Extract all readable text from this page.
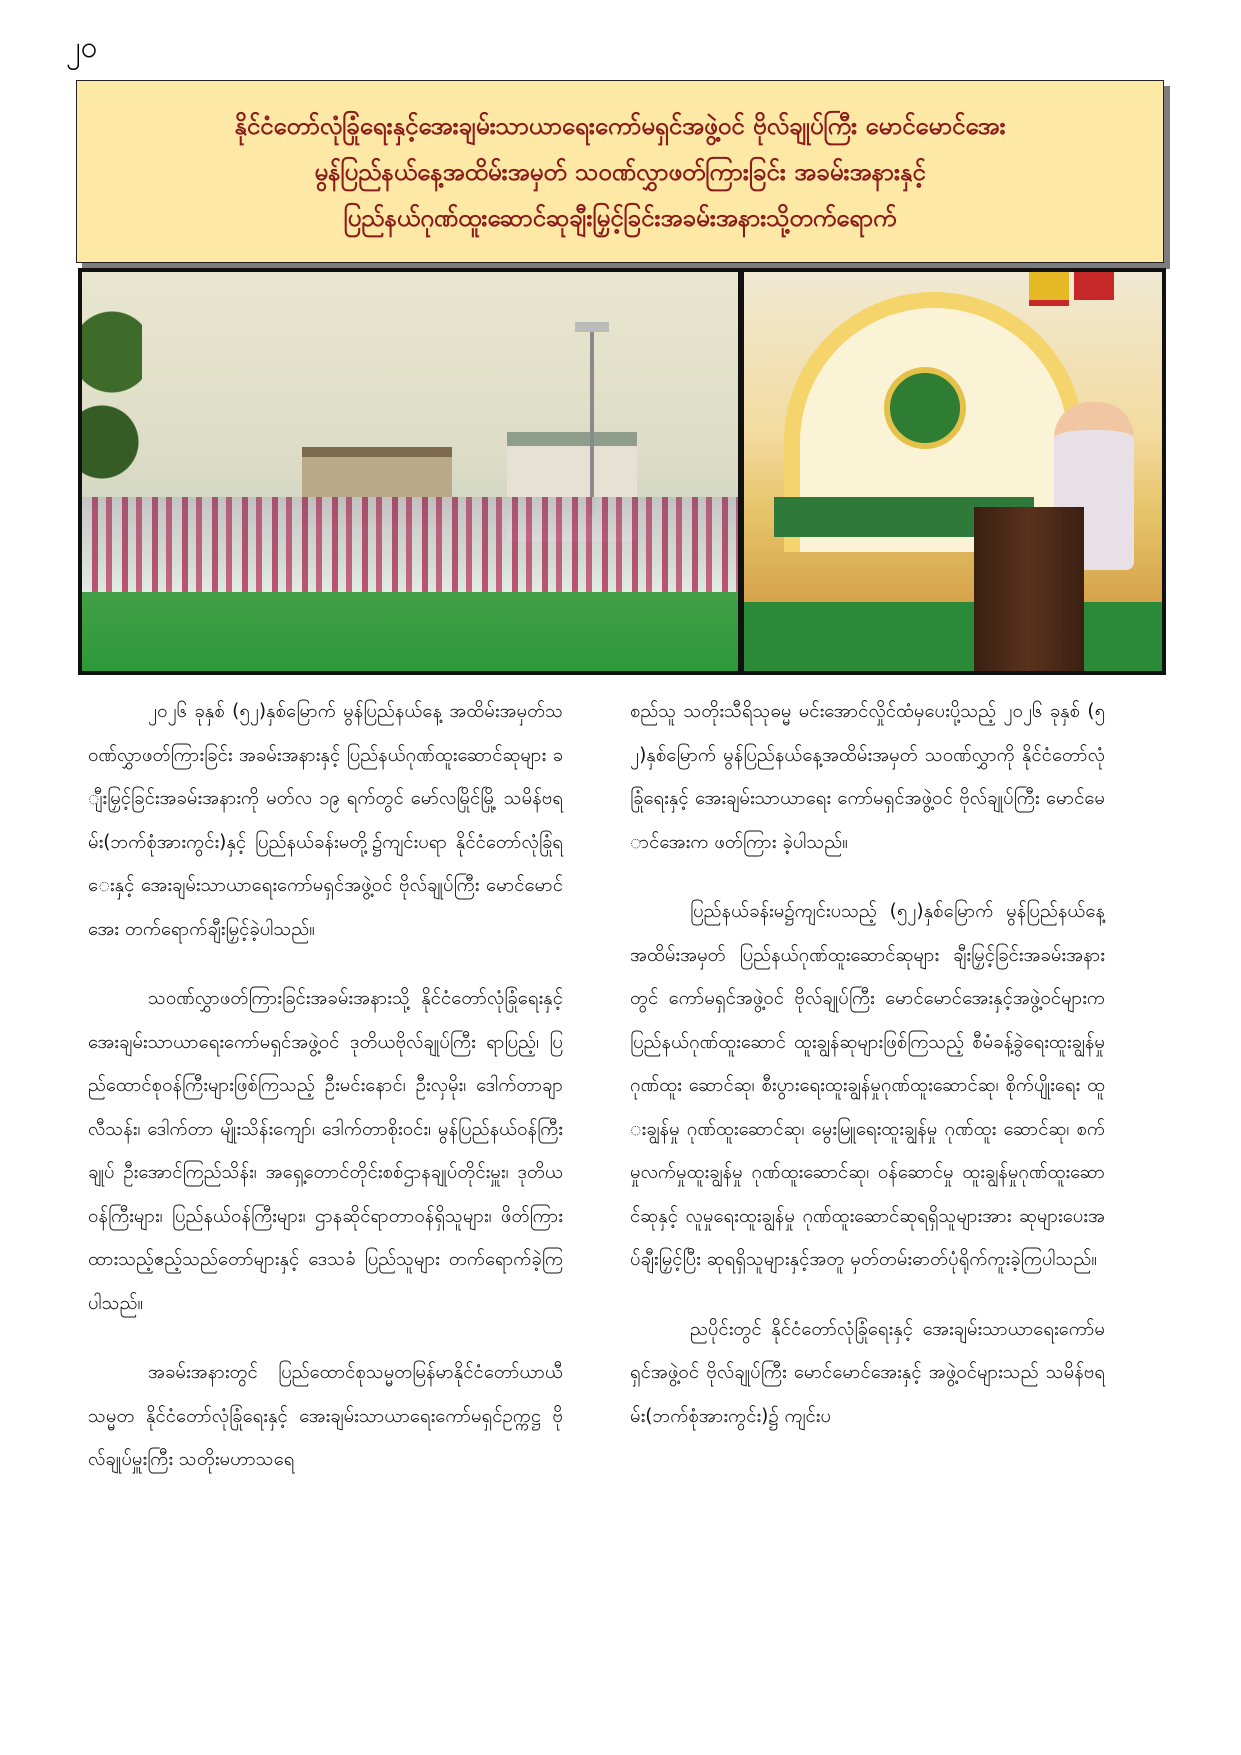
၂၀
နိုင်ငံတော်လုံခြုံရေးနှင့်အေးချမ်းသာယာရေးကော်မရှင်အဖွဲ့ဝင် ဗိုလ်ချုပ်ကြီး မောင်မောင်အေး
မွန်ပြည်နယ်နေ့အထိမ်းအမှတ် သဝဏ်လွှာဖတ်ကြားခြင်း အခမ်းအနားနှင့်
ပြည်နယ်ဂုဏ်ထူးဆောင်ဆုချီးမြှင့်ခြင်းအခမ်းအနားသို့တက်ရောက်

၂၀၂၆ ခုနှစ် (၅၂)နှစ်မြောက် မွန်ပြည်နယ်နေ့ အထိမ်းအမှတ်သဝဏ်လွှာဖတ်ကြားခြင်း အခမ်းအနားနှင့် ပြည်နယ်ဂုဏ်ထူးဆောင်ဆုများ ချီးမြှင့်ခြင်းအခမ်းအနားကို မတ်လ ၁၉ ရက်တွင် မော်လမြိုင်မြို့ သမိန်ဗရမ်း(ဘက်စုံအားကွင်း)နှင့် ပြည်နယ်ခန်းမတို့၌ကျင်းပရာ နိုင်ငံတော်လုံခြုံရေးနှင့် အေးချမ်းသာယာရေးကော်မရှင်အဖွဲ့ဝင် ဗိုလ်ချုပ်ကြီး မောင်မောင်အေး တက်ရောက်ချီးမြှင့်ခဲ့ပါသည်။

သဝဏ်လွှာဖတ်ကြားခြင်းအခမ်းအနားသို့ နိုင်ငံတော်လုံခြုံရေးနှင့်အေးချမ်းသာယာရေးကော်မရှင်အဖွဲ့ဝင် ဒုတိယဗိုလ်ချုပ်ကြီး ရာပြည့်၊ ပြည်ထောင်စုဝန်ကြီးများဖြစ်ကြသည့် ဦးမင်းနောင်၊ ဦးလှမိုး၊ ဒေါက်တာချာလီသန်း၊ ဒေါက်တာ မျိုးသိန်းကျော်၊ ဒေါက်တာစိုးဝင်း၊ မွန်ပြည်နယ်ဝန်ကြီးချုပ် ဦးအောင်ကြည်သိန်း၊ အရှေ့တောင်တိုင်းစစ်ဌာနချုပ်တိုင်းမှူး၊ ဒုတိယဝန်ကြီးများ၊ ပြည်နယ်ဝန်ကြီးများ၊ ဌာနဆိုင်ရာတာဝန်ရှိသူများ၊ ဖိတ်ကြားထားသည့်ဧည့်သည်တော်များနှင့် ဒေသခံ ပြည်သူများ တက်ရောက်ခဲ့ကြပါသည်။

အခမ်းအနားတွင် ပြည်ထောင်စုသမ္မတမြန်မာနိုင်ငံတော်ယာယီသမ္မတ နိုင်ငံတော်လုံခြုံရေးနှင့် အေးချမ်းသာယာရေးကော်မရှင်ဥက္ကဋ္ဌ ဗိုလ်ချုပ်မှူးကြီး သတိုးမဟာသရေ

စည်သူ သတိုးသီရိသုဓမ္မ မင်းအောင်လှိုင်ထံမှပေးပို့သည့် ၂၀၂၆ ခုနှစ် (၅၂)နှစ်မြောက် မွန်ပြည်နယ်နေ့အထိမ်းအမှတ် သဝဏ်လွှာကို နိုင်ငံတော်လုံခြုံရေးနှင့် အေးချမ်းသာယာရေး ကော်မရှင်အဖွဲ့ဝင် ဗိုလ်ချုပ်ကြီး မောင်မောင်အေးက ဖတ်ကြား ခဲ့ပါသည်။

ပြည်နယ်ခန်းမ၌ကျင်းပသည့် (၅၂)နှစ်မြောက် မွန်ပြည်နယ်နေ့အထိမ်းအမှတ် ပြည်နယ်ဂုဏ်ထူးဆောင်ဆုများ ချီးမြှင့်ခြင်းအခမ်းအနားတွင် ကော်မရှင်အဖွဲ့ဝင် ဗိုလ်ချုပ်ကြီး မောင်မောင်အေးနှင့်အဖွဲ့ဝင်များက ပြည်နယ်ဂုဏ်ထူးဆောင် ထူးချွန်ဆုများဖြစ်ကြသည့် စီမံခန့်ခွဲရေးထူးချွန်မှု ဂုဏ်ထူး ဆောင်ဆု၊ စီးပွားရေးထူးချွန်မှုဂုဏ်ထူးဆောင်ဆု၊ စိုက်ပျိုးရေး ထူးချွန်မှု ဂုဏ်ထူးဆောင်ဆု၊ မွေးမြူရေးထူးချွန်မှု ဂုဏ်ထူး ဆောင်ဆု၊ စက်မှုလက်မှုထူးချွန်မှု ဂုဏ်ထူးဆောင်ဆု၊ ဝန်ဆောင်မှု ထူးချွန်မှုဂုဏ်ထူးဆောင်ဆုနှင့် လူမှုရေးထူးချွန်မှု ဂုဏ်ထူးဆောင်ဆုရရှိသူများအား ဆုများပေးအပ်ချီးမြှင့်ပြီး ဆုရရှိသူများနှင့်အတူ မှတ်တမ်းဓာတ်ပုံရိုက်ကူးခဲ့ကြပါသည်။

ညပိုင်းတွင် နိုင်ငံတော်လုံခြုံရေးနှင့် အေးချမ်းသာယာရေးကော်မရှင်အဖွဲ့ဝင် ဗိုလ်ချုပ်ကြီး မောင်မောင်အေးနှင့် အဖွဲ့ဝင်များသည် သမိန်ဗရမ်း(ဘက်စုံအားကွင်း)၌ ကျင်းပ
